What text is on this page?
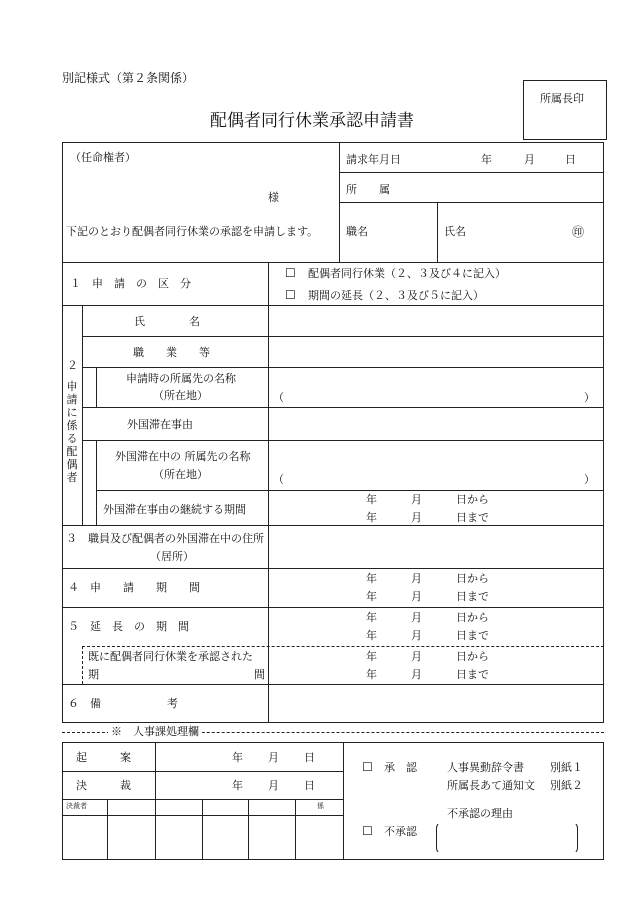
別記様式（第２条関係）
所属長印
配偶者同行休業承認申請書
（任命権者）
様
下記のとおり配偶者同行休業の承認を申請します。
請求年月日	年	月	日
所　　属
職名	氏名	㊞
１　申　請　の　区　分
☐ 配偶者同行休業（２、３及び４に記入）
☐ 期間の延長（２、３及び５に記入）
２
申請に係る配偶者
氏　　　　名
職　　業　　等
申請時の所属先の名称
（所在地）	（	）
外国滞在事由
外国滞在中の 所属先の名称
（所在地）	（	）
外国滞在事由の継続する期間
年	月	日から
年	月	日まで
３　職員及び配偶者の外国滞在中の住所
（居所）
４　申　　請　　期　　間
年	月	日から
年	月	日まで
５　延　長　の　期　間
年	月	日から
年	月	日まで
既に配偶者同行休業を承認された
期	間
年	月	日から
年	月	日まで
６　備　　　　　　考
※　人事課処理欄
起　　　案	年 月 日
決　　　裁	年 月 日
決裁者	係
☐ 承　認	人事異動辞令書 別紙１
所属長あて通知文 別紙２
不承認の理由
☐ 不承認
